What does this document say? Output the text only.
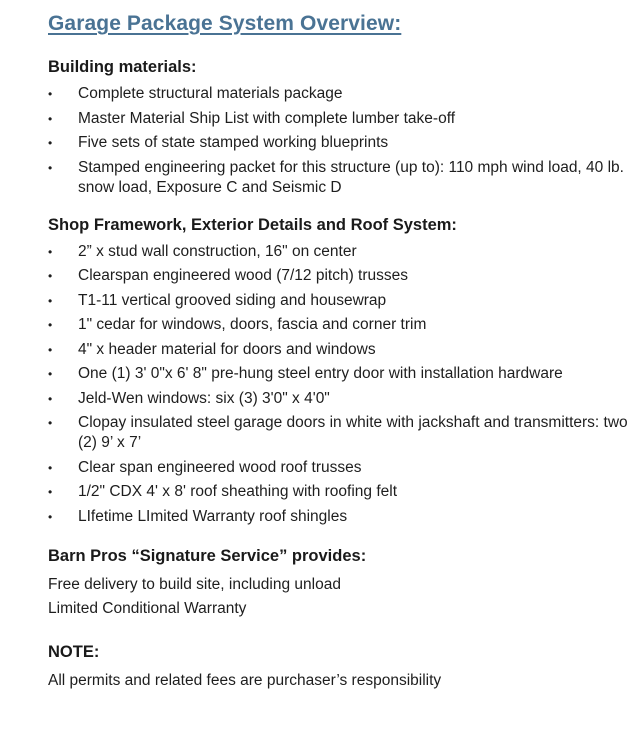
Garage Package System Overview:
Building materials:
• Complete structural materials package
• Master Material Ship List with complete lumber take-off
• Five sets of state stamped working blueprints
• Stamped engineering packet for this structure (up to): 110 mph wind load, 40 lb. snow load, Exposure C and Seismic D
Shop Framework, Exterior Details and Roof System:
• 2” x stud wall construction, 16" on center
• Clearspan engineered wood (7/12 pitch) trusses
• T1-11 vertical grooved siding and housewrap
• 1" cedar for windows, doors, fascia and corner trim
• 4" x header material for doors and windows
• One (1) 3' 0"x 6' 8" pre-hung steel entry door with installation hardware
• Jeld-Wen windows: six (3) 3'0" x 4'0"
• Clopay insulated steel garage doors in white with jackshaft and transmitters: two (2) 9’ x 7’
• Clear span engineered wood roof trusses
• 1/2" CDX 4' x 8' roof sheathing with roofing felt
• LIfetime LImited Warranty roof shingles
Barn Pros “Signature Service” provides:

Free delivery to build site, including unload

Limited Conditional Warranty

NOTE:

All permits and related fees are purchaser’s responsibility
